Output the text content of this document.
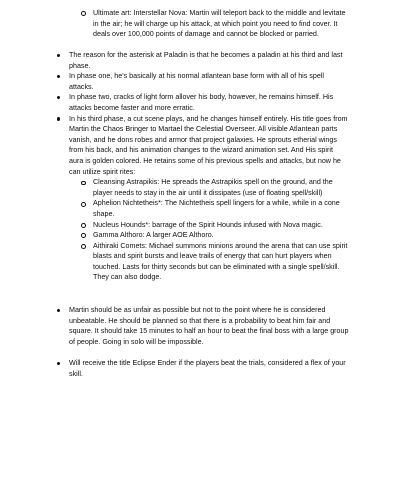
Ultimate art: Interstellar Nova: Martin will teleport back to the middle and levitate in the air; he will charge up his attack, at which point you need to find cover. It deals over 100,000 points of damage and cannot be blocked or parried.
The reason for the asterisk at Paladin is that he becomes a paladin at his third and last phase.
In phase one, he's basically at his normal atlantean base form with all of his spell attacks.
In phase two, cracks of light form allover his body, however, he remains himself. His attacks become faster and more erratic.
In his third phase, a cut scene plays, and he changes himself entirely. His title goes from Martin the Chaos Bringer to Martael the Celestial Overseer. All visible Atlantean parts vanish, and he dons robes and armor that project galaxies. He sprouts etherial wings from his back, and his animation changes to the wizard animation set. And His spirit aura is golden colored. He retains some of his previous spells and attacks, but now he can utilize spirit rites:
Cleansing Astrapikis: He spreads the Astrapikis spell on the ground, and the player needs to stay in the air until it dissipates (use of floating spell/skill)
Aphelion Nichtetheis*: The Nichtetheis spell lingers for a while, while in a cone shape.
Nucleus Hounds*: barrage of the Spirit Hounds infused with Nova magic.
Gamma Althoro: A larger AOE Althoro.
Aithiraki Comets: Michael summons minions around the arena that can use spirit blasts and spirit bursts and leave trails of energy that can hurt players when touched. Lasts for thirty seconds but can be eliminated with a single spell/skill. They can also dodge.
Martin should be as unfair as possible but not to the point where he is considered unbeatable. He should be planned so that there is a probability to beat him fair and square. It should take 15 minutes to half an hour to beat the final boss with a large group of people. Going in solo will be impossible.
Will receive the title Eclipse Ender if the players beat the trials, considered a flex of your skill.
